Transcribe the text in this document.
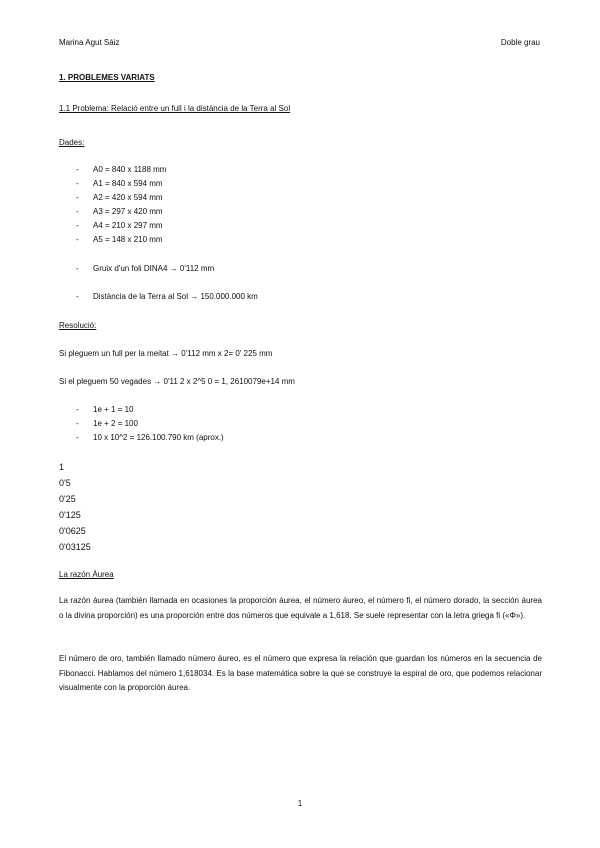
Marina Agut Sáiz	Doble grau
1. PROBLEMES VARIATS
1.1 Problema: Relació entre un full i la distància de la Terra al Sol
Dades:
- A0 = 840 x 1188 mm
- A1 = 840 x 594 mm
- A2 = 420 x 594 mm
- A3 = 297 x 420 mm
- A4 = 210 x 297 mm
- A5 = 148 x 210 mm
- Gruix d'un foli DINA4 → 0'112 mm
- Distància de la Terra al Sol → 150.000.000 km
Resolució:
Si pleguem un full per la meitat → 0'112 mm x 2= 0' 225 mm
Si el pleguem 50 vegades → 0'11 2 x 2^5 0 = 1, 2610079e+14 mm
- 1e + 1 = 10
- 1e + 2 = 100
- 10 x 10^2 = 126.100.790 km (aprox.)
1
0'5
0'25
0'125
0'0625
0'03125
La razón Áurea
La razón áurea (también llamada en ocasiones la proporción áurea, el número áureo, el número fi, el número dorado, la sección áurea o la divina proporción) es una proporción entre dos números que equivale a 1,618. Se suele representar con la letra griega fi («Φ»).
El número de oro, también llamado número áureo, es el número que expresa la relación que guardan los números en la secuencia de Fibonacci. Hablamos del número 1,618034. Es la base matemática sobre la que se construye la espiral de oro, que podemos relacionar visualmente con la proporción áurea.
1
